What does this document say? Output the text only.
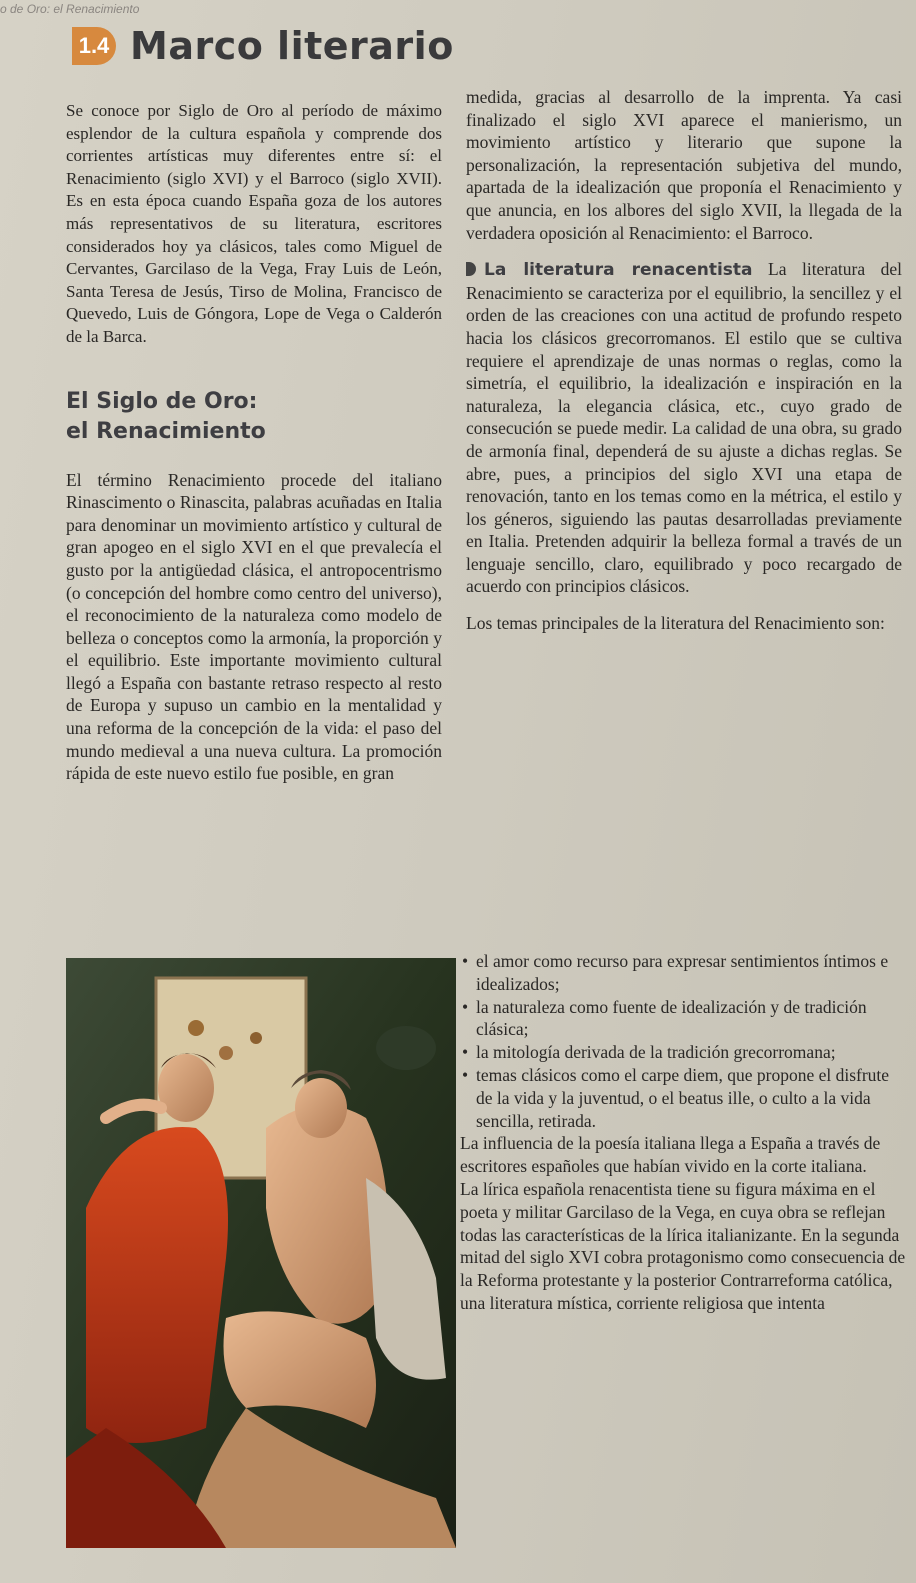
o de Oro: el Renacimiento
1.4 Marco literario

Se conoce por Siglo de Oro al período de máximo esplendor de la cultura española y comprende dos corrientes artísticas muy diferentes entre sí: el Renacimiento (siglo XVI) y el Barroco (siglo XVII). Es en esta época cuando España goza de los autores más representativos de su literatura, escritores considerados hoy ya clásicos, tales como Miguel de Cervantes, Garcilaso de la Vega, Fray Luis de León, Santa Teresa de Jesús, Tirso de Molina, Francisco de Quevedo, Luis de Góngora, Lope de Vega o Calderón de la Barca.

El Siglo de Oro:
el Renacimiento

El término Renacimiento procede del italiano Rinascimento o Rinascita, palabras acuñadas en Italia para denominar un movimiento artístico y cultural de gran apogeo en el siglo XVI en el que prevalecía el gusto por la antigüedad clásica, el antropocentrismo (o concepción del hombre como centro del universo), el reconocimiento de la naturaleza como modelo de belleza o conceptos como la armonía, la proporción y el equilibrio. Este importante movimiento cultural llegó a España con bastante retraso respecto al resto de Europa y supuso un cambio en la mentalidad y una reforma de la concepción de la vida: el paso del mundo medieval a una nueva cultura. La promoción rápida de este nuevo estilo fue posible, en gran

medida, gracias al desarrollo de la imprenta. Ya casi finalizado el siglo XVI aparece el manierismo, un movimiento artístico y literario que supone la personalización, la representación subjetiva del mundo, apartada de la idealización que proponía el Renacimiento y que anuncia, en los albores del siglo XVII, la llegada de la verdadera oposición al Renacimiento: el Barroco.

La literatura renacentista La literatura del Renacimiento se caracteriza por el equilibrio, la sencillez y el orden de las creaciones con una actitud de profundo respeto hacia los clásicos grecorromanos. El estilo que se cultiva requiere el aprendizaje de unas normas o reglas, como la simetría, el equilibrio, la idealización e inspiración en la naturaleza, la elegancia clásica, etc., cuyo grado de consecución se puede medir. La calidad de una obra, su grado de armonía final, dependerá de su ajuste a dichas reglas. Se abre, pues, a principios del siglo XVI una etapa de renovación, tanto en los temas como en la métrica, el estilo y los géneros, siguiendo las pautas desarrolladas previamente en Italia. Pretenden adquirir la belleza formal a través de un lenguaje sencillo, claro, equilibrado y poco recargado de acuerdo con principios clásicos.

Los temas principales de la literatura del Renacimiento son:

• el amor como recurso para expresar sentimientos íntimos e idealizados;
• la naturaleza como fuente de idealización y de tradición clásica;
• la mitología derivada de la tradición grecorromana;
• temas clásicos como el carpe diem, que propone el disfrute de la vida y la juventud, o el beatus ille, o culto a la vida sencilla, retirada.

La influencia de la poesía italiana llega a España a través de escritores españoles que habían vivido en la corte italiana.

La lírica española renacentista tiene su figura máxima en el poeta y militar Garcilaso de la Vega, en cuya obra se reflejan todas las características de la lírica italianizante. En la segunda mitad del siglo XVI cobra protagonismo como consecuencia de la Reforma protestante y la posterior Contrarreforma católica, una literatura mística, corriente religiosa que intenta
